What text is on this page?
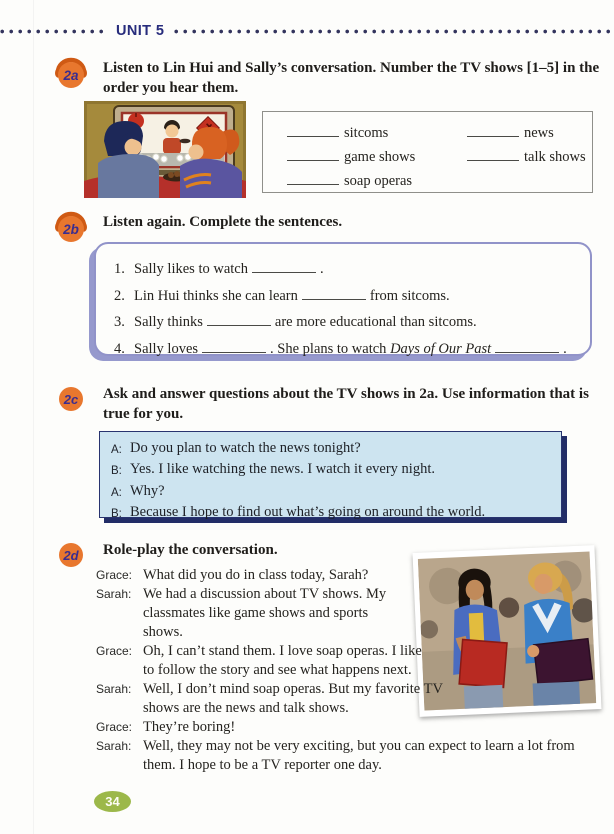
UNIT 5
2a Listen to Lin Hui and Sally’s conversation. Number the TV shows [1–5] in the order you hear them.
sitcoms	news
game shows	talk shows
soap operas
2b Listen again. Complete the sentences.
1. Sally likes to watch	.
2. Lin Hui thinks she can learn	from sitcoms.
3. Sally thinks	are more educational than sitcoms.
4. Sally loves	. She plans to watch Days of Our Past	.
2c Ask and answer questions about the TV shows in 2a. Use information that is true for you.
A: Do you plan to watch the news tonight?
B: Yes. I like watching the news. I watch it every night.
A: Why?
B: Because I hope to find out what’s going on around the world.
2d Role-play the conversation.
Grace: What did you do in class today, Sarah?
Sarah: We had a discussion about TV shows. My classmates like game shows and sports shows.
Grace: Oh, I can’t stand them. I love soap operas. I like to follow the story and see what happens next.
Sarah: Well, I don’t mind soap operas. But my favorite TV shows are the news and talk shows.
Grace: They’re boring!
Sarah: Well, they may not be very exciting, but you can expect to learn a lot from them. I hope to be a TV reporter one day.
34
